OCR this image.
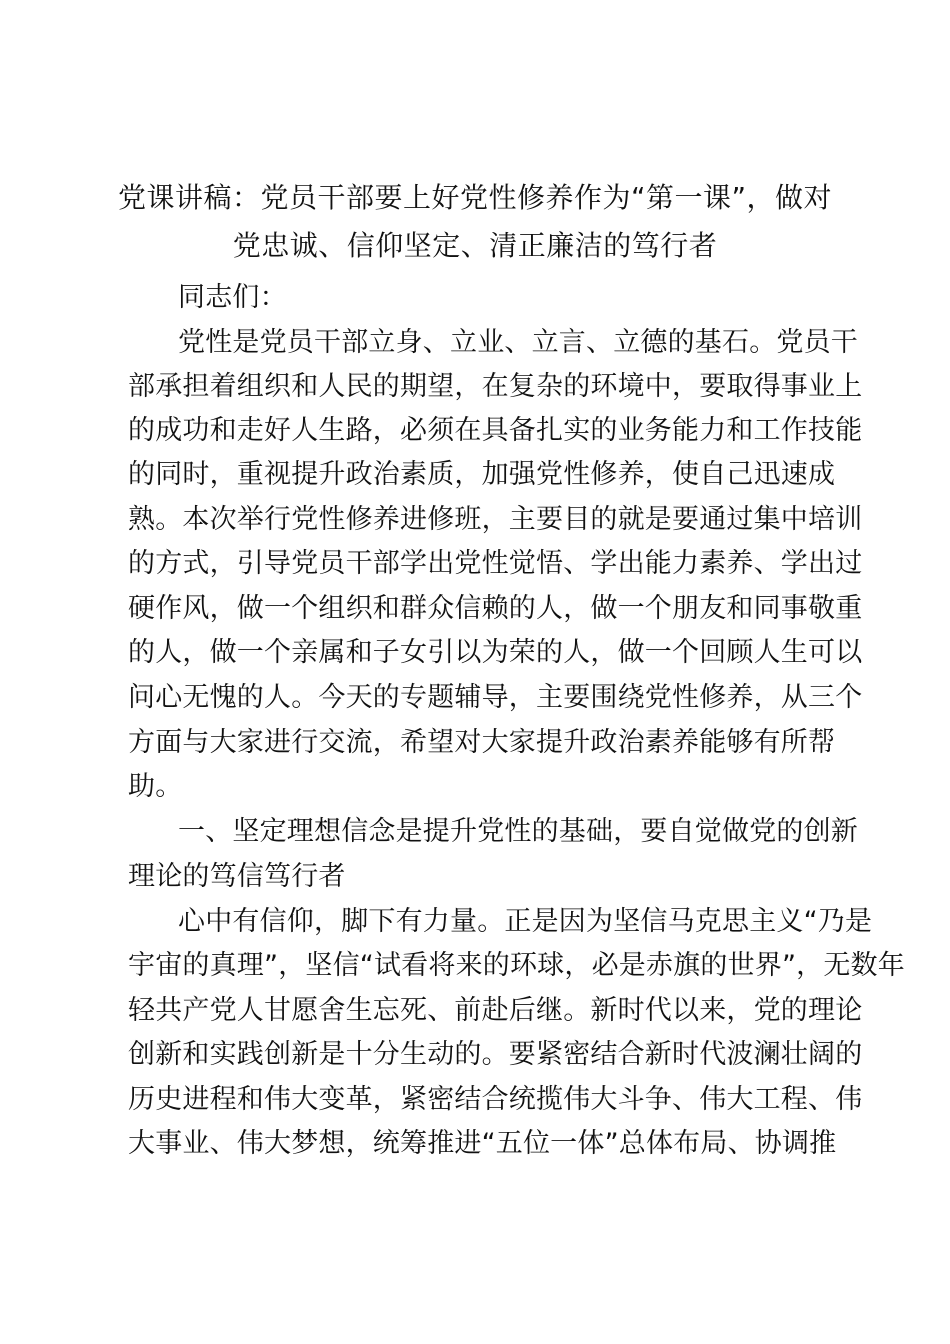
党课讲稿：党员干部要上好党性修养作为“第一课”，做对
党忠诚、信仰坚定、清正廉洁的笃行者
同志们：
党性是党员干部立身、立业、立言、立德的基石。党员干
部承担着组织和人民的期望，在复杂的环境中，要取得事业上
的成功和走好人生路，必须在具备扎实的业务能力和工作技能
的同时，重视提升政治素质，加强党性修养，使自己迅速成
熟。本次举行党性修养进修班，主要目的就是要通过集中培训
的方式，引导党员干部学出党性觉悟、学出能力素养、学出过
硬作风，做一个组织和群众信赖的人，做一个朋友和同事敬重
的人，做一个亲属和子女引以为荣的人，做一个回顾人生可以
问心无愧的人。今天的专题辅导，主要围绕党性修养，从三个
方面与大家进行交流，希望对大家提升政治素养能够有所帮
助。
一、坚定理想信念是提升党性的基础，要自觉做党的创新
理论的笃信笃行者
心中有信仰，脚下有力量。正是因为坚信马克思主义“乃是
宇宙的真理”，坚信“试看将来的环球，必是赤旗的世界”，无数年
轻共产党人甘愿舍生忘死、前赴后继。新时代以来，党的理论
创新和实践创新是十分生动的。要紧密结合新时代波澜壮阔的
历史进程和伟大变革，紧密结合统揽伟大斗争、伟大工程、伟
大事业、伟大梦想，统筹推进“五位一体”总体布局、协调推
